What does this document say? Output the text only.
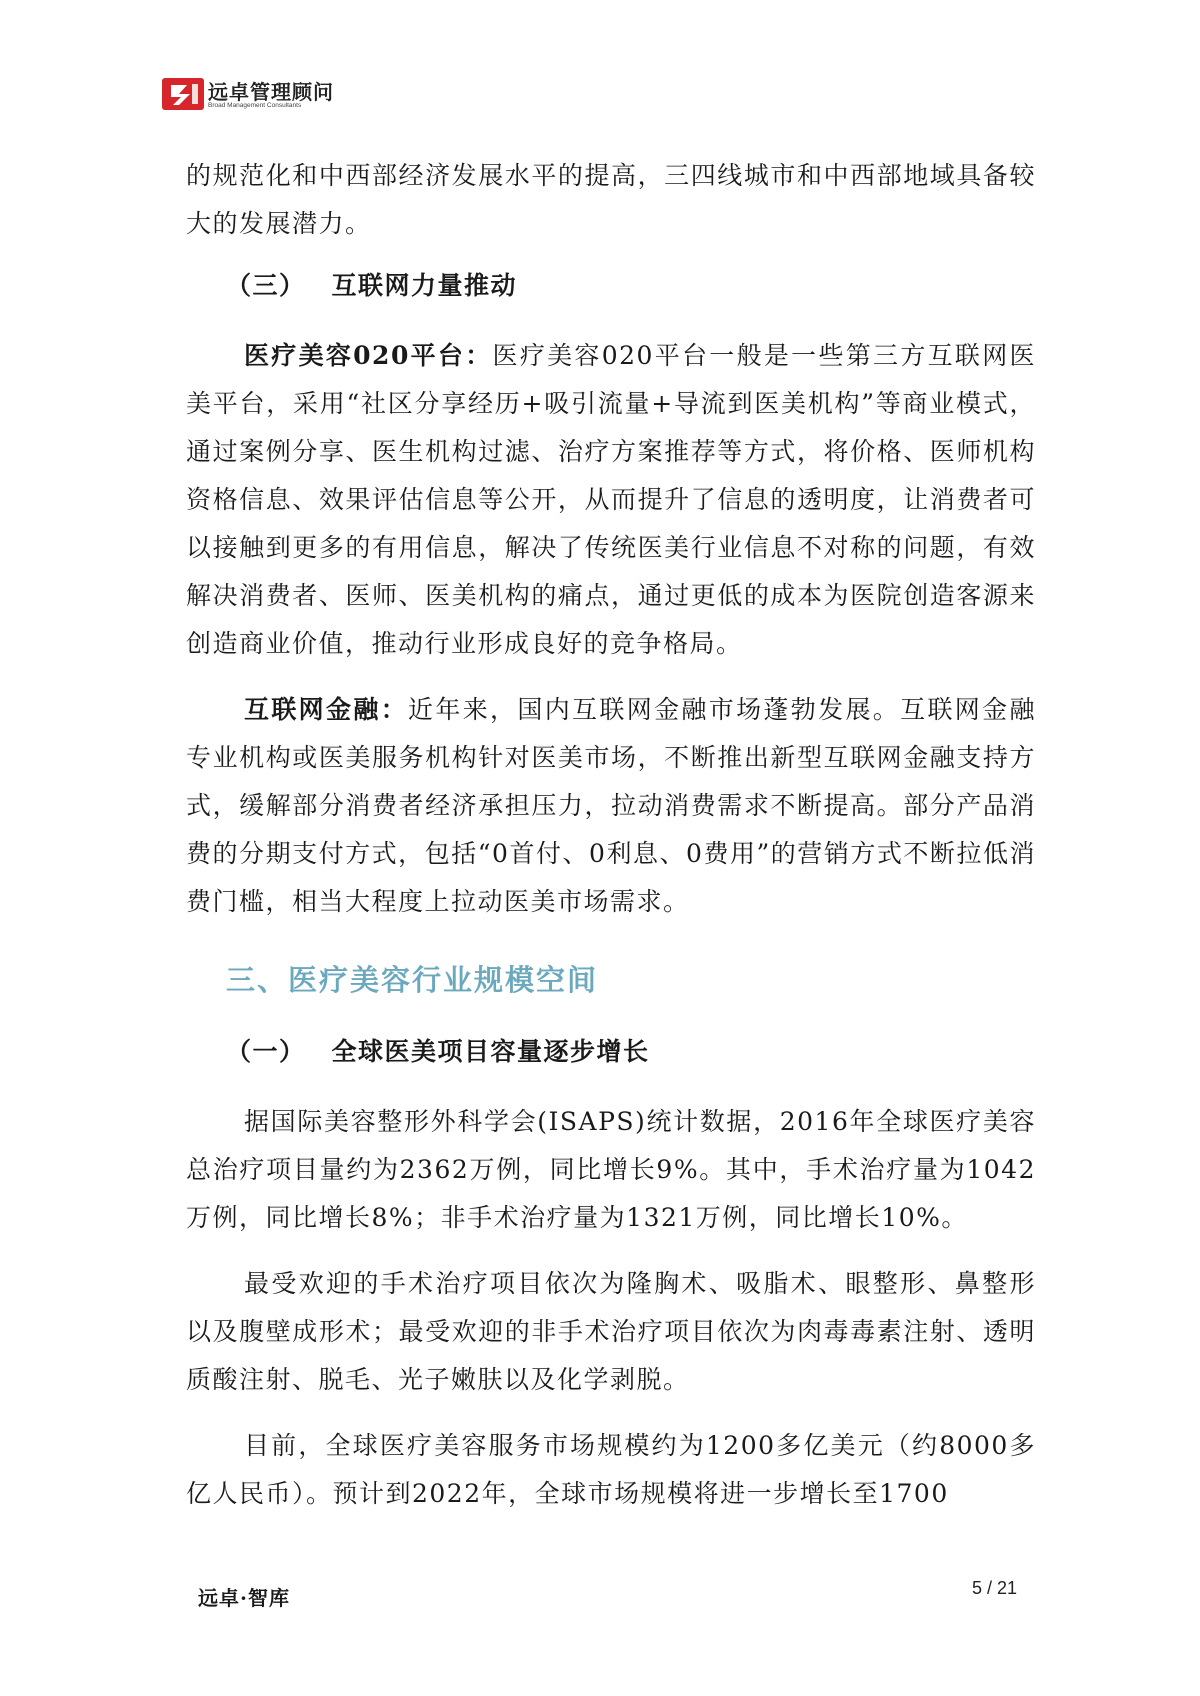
远卓管理顾问
Broad Management Consultants

的规范化和中西部经济发展水平的提高，三四线城市和中西部地域具备较大的发展潜力。

（三） 互联网力量推动

医疗美容020平台：医疗美容020平台一般是一些第三方互联网医美平台，采用“社区分享经历+吸引流量+导流到医美机构”等商业模式，通过案例分享、医生机构过滤、治疗方案推荐等方式，将价格、医师机构资格信息、效果评估信息等公开，从而提升了信息的透明度，让消费者可以接触到更多的有用信息，解决了传统医美行业信息不对称的问题，有效解决消费者、医师、医美机构的痛点，通过更低的成本为医院创造客源来创造商业价值，推动行业形成良好的竞争格局。

互联网金融：近年来，国内互联网金融市场蓬勃发展。互联网金融专业机构或医美服务机构针对医美市场，不断推出新型互联网金融支持方式，缓解部分消费者经济承担压力，拉动消费需求不断提高。部分产品消费的分期支付方式，包括“0首付、0利息、0费用”的营销方式不断拉低消费门槛，相当大程度上拉动医美市场需求。

三、医疗美容行业规模空间
（一） 全球医美项目容量逐步增长

据国际美容整形外科学会(ISAPS)统计数据，2016年全球医疗美容总治疗项目量约为2362万例，同比增长9%。其中，手术治疗量为1042万例，同比增长8%；非手术治疗量为1321万例，同比增长10%。

最受欢迎的手术治疗项目依次为隆胸术、吸脂术、眼整形、鼻整形以及腹壁成形术；最受欢迎的非手术治疗项目依次为肉毒毒素注射、透明质酸注射、脱毛、光子嫩肤以及化学剥脱。

目前，全球医疗美容服务市场规模约为1200多亿美元（约8000多亿人民币）。预计到2022年，全球市场规模将进一步增长至1700

远卓·智库	5 / 21
